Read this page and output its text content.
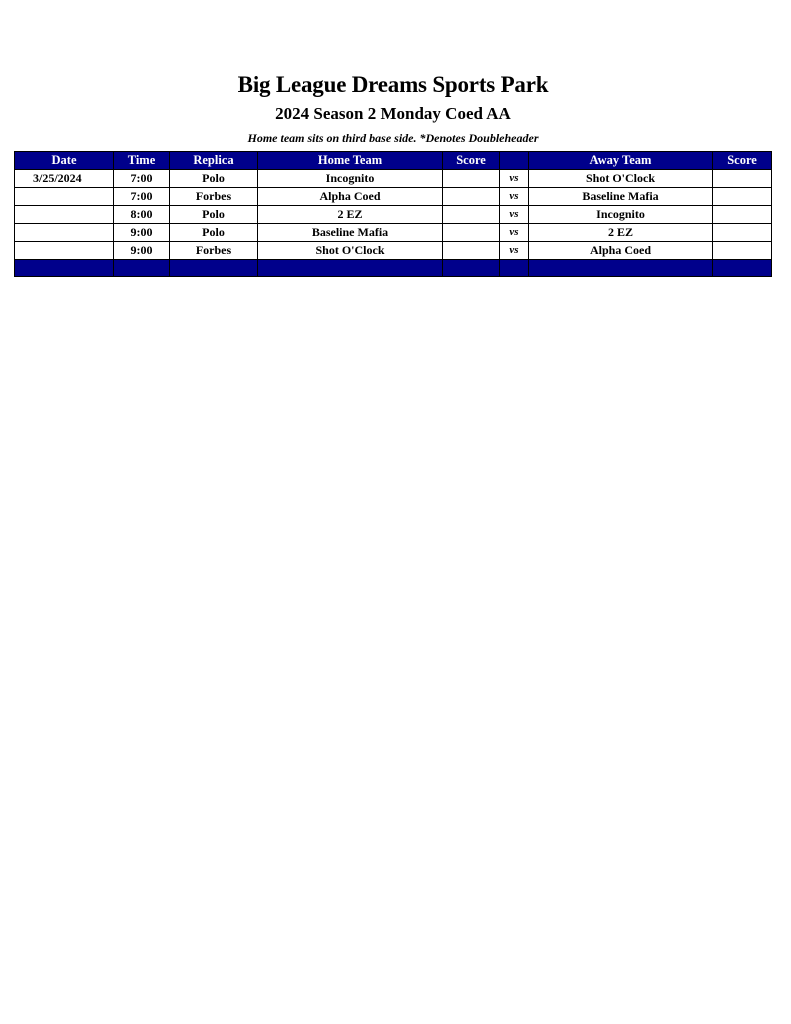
Big League Dreams Sports Park
2024 Season 2 Monday Coed AA
Home team sits on third base side. *Denotes Doubleheader
Date	Time	Replica	Home Team	Score		Away Team	Score
3/25/2024	7:00	Polo	Incognito		vs	Shot O'Clock	
	7:00	Forbes	Alpha Coed		vs	Baseline Mafia	
	8:00	Polo	2 EZ		vs	Incognito	
	9:00	Polo	Baseline Mafia		vs	2 EZ	
	9:00	Forbes	Shot O'Clock		vs	Alpha Coed	
